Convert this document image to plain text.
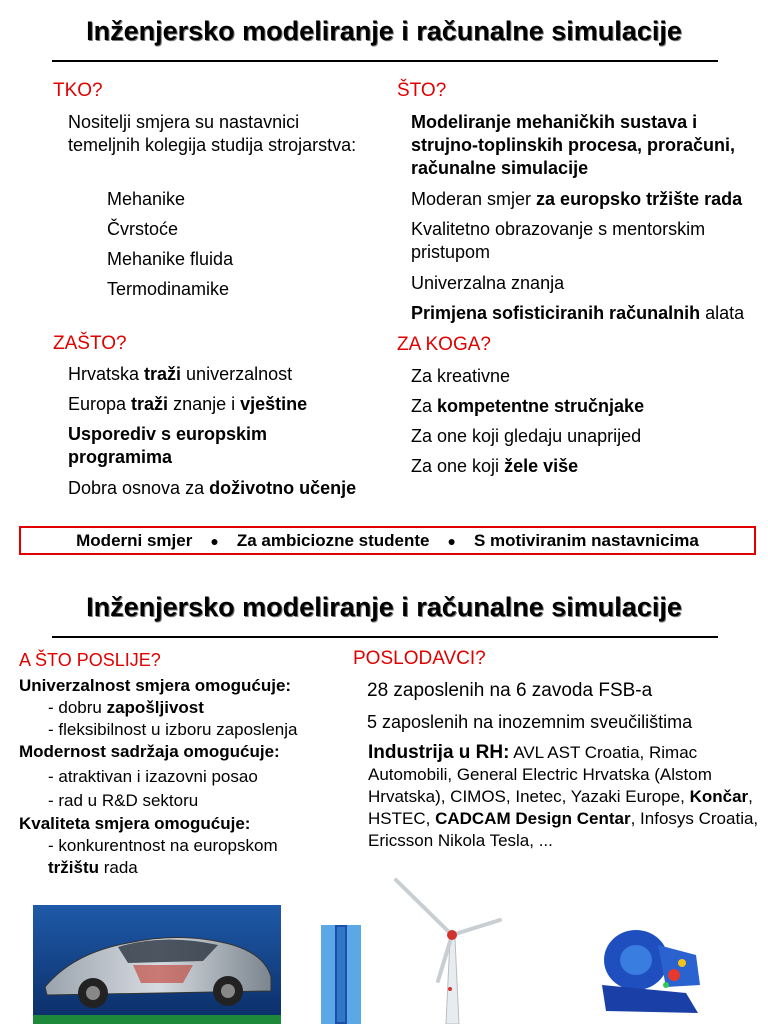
Inženjersko modeliranje i računalne simulacije
TKO?
Nositelji smjera su nastavnici temeljnih kolegija studija strojarstva:
Mehanike
Čvrstoće
Mehanike fluida
Termodinamike
ŠTO?
Modeliranje mehaničkih sustava i strujno-toplinskih procesa, proračuni, računalne simulacije
Moderan smjer za europsko tržište rada
Kvalitetno obrazovanje s mentorskim pristupom
Univerzalna znanja
Primjena sofisticiranih računalnih alata
ZAŠTO?
Hrvatska traži univerzalnost
Europa traži znanje i vještine
Usporediv s europskim programima
Dobra osnova za doživotno učenje
ZA KOGA?
Za kreativne
Za kompetentne stručnjake
Za one koji gledaju unaprijed
Za one koji žele više
Moderni smjer ● Za ambiciozne studente ● S motiviranim nastavnicima
Inženjersko modeliranje i računalne simulacije
A ŠTO POSLIJE?
Univerzalnost smjera omogućuje:
- dobru zapošljivost
- fleksibilnost u izboru zaposlenja
Modernost sadržaja omogućuje:
- atraktivan i izazovni posao
- rad u R&D sektoru
Kvaliteta smjera omogućuje:
- konkurentnost na europskom
tržištu rada
POSLODAVCI?
28 zaposlenih na 6 zavoda FSB-a
5 zaposlenih na inozemnim sveučilištima
Industrija u RH: AVL AST Croatia, Rimac Automobili, General Electric Hrvatska (Alstom Hrvatska), CIMOS, Inetec, Yazaki Europe, Končar, HSTEC, CADCAM Design Centar, Infosys Croatia, Ericsson Nikola Tesla, ...
